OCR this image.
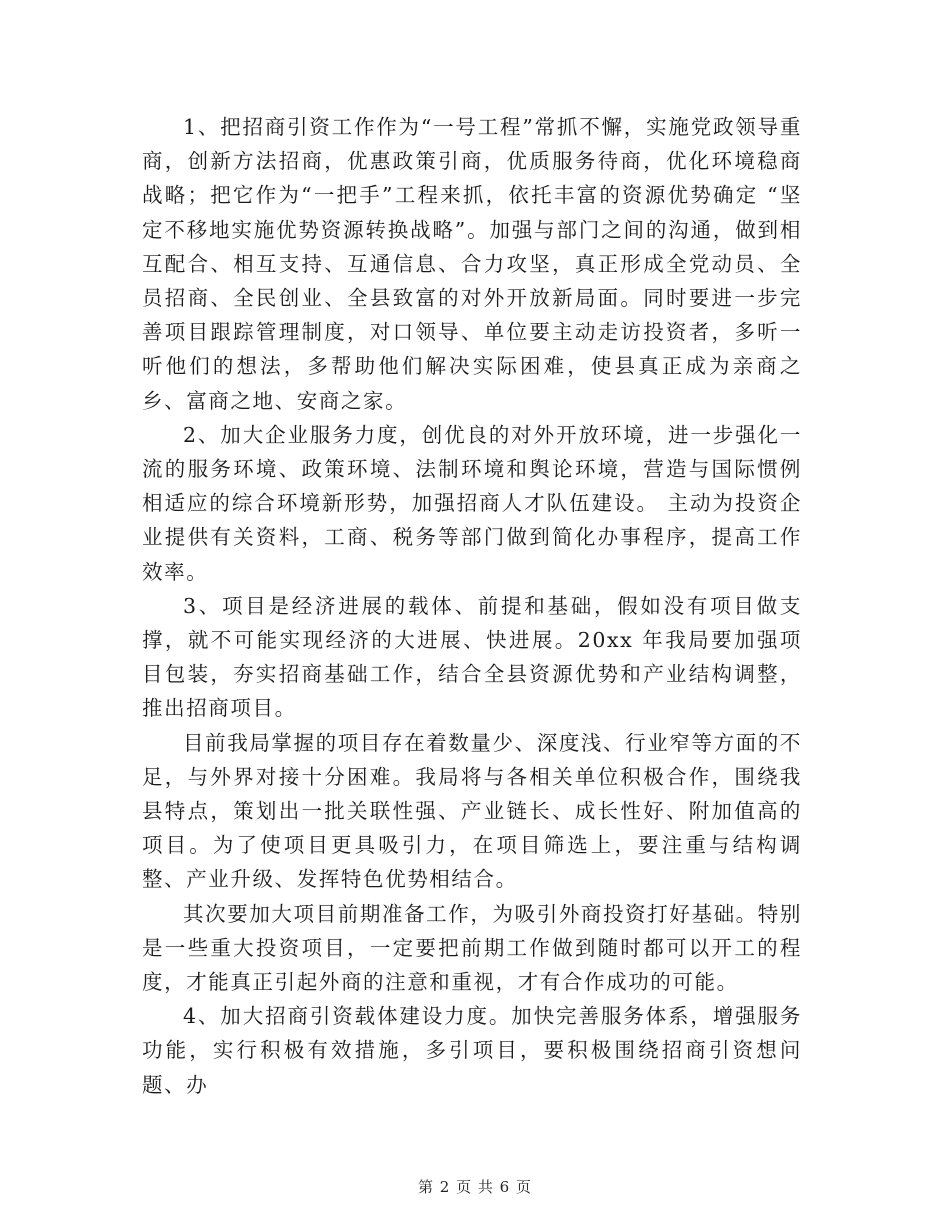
1、把招商引资工作作为“一号工程”常抓不懈，实施党政领导重商，创新方法招商，优惠政策引商，优质服务待商，优化环境稳商战略；把它作为“一把手”工程来抓，依托丰富的资源优势确定 “坚定不移地实施优势资源转换战略”。加强与部门之间的沟通，做到相互配合、相互支持、互通信息、合力攻坚，真正形成全党动员、全员招商、全民创业、全县致富的对外开放新局面。同时要进一步完善项目跟踪管理制度，对口领导、单位要主动走访投资者，多听一听他们的想法，多帮助他们解决实际困难，使县真正成为亲商之乡、富商之地、安商之家。

2、加大企业服务力度，创优良的对外开放环境，进一步强化一流的服务环境、政策环境、法制环境和舆论环境，营造与国际惯例相适应的综合环境新形势，加强招商人才队伍建设。 主动为投资企业提供有关资料，工商、税务等部门做到简化办事程序，提高工作效率。

3、项目是经济进展的载体、前提和基础，假如没有项目做支撑，就不可能实现经济的大进展、快进展。20xx 年我局要加强项目包装，夯实招商基础工作，结合全县资源优势和产业结构调整，推出招商项目。

目前我局掌握的项目存在着数量少、深度浅、行业窄等方面的不足，与外界对接十分困难。我局将与各相关单位积极合作，围绕我县特点，策划出一批关联性强、产业链长、成长性好、附加值高的项目。为了使项目更具吸引力，在项目筛选上，要注重与结构调整、产业升级、发挥特色优势相结合。

其次要加大项目前期准备工作，为吸引外商投资打好基础。特别是一些重大投资项目，一定要把前期工作做到随时都可以开工的程度，才能真正引起外商的注意和重视，才有合作成功的可能。

4、加大招商引资载体建设力度。加快完善服务体系，增强服务功能，实行积极有效措施，多引项目，要积极围绕招商引资想问题、办

第 2 页 共 6 页
